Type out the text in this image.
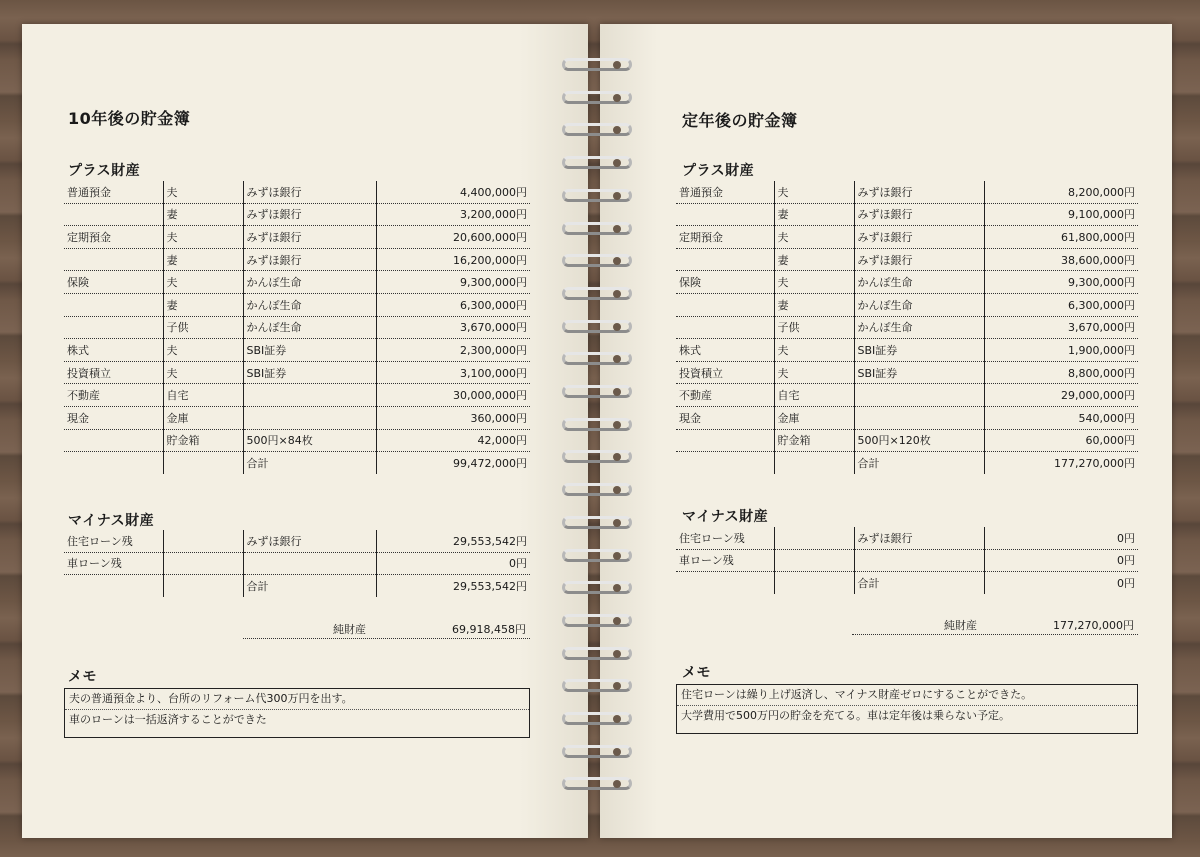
10年後の貯金簿
プラス財産
普通預金	夫	みずほ銀行	4,400,000円
	妻	みずほ銀行	3,200,000円
定期預金	夫	みずほ銀行	20,600,000円
	妻	みずほ銀行	16,200,000円
保険	夫	かんぽ生命	9,300,000円
	妻	かんぽ生命	6,300,000円
	子供	かんぽ生命	3,670,000円
株式	夫	SBI証券	2,300,000円
投資積立	夫	SBI証券	3,100,000円
不動産	自宅		30,000,000円
現金	金庫		360,000円
	貯金箱	500円×84枚	42,000円
		合計	99,472,000円
マイナス財産
住宅ローン残		みずほ銀行	29,553,542円
車ローン残			0円
		合計	29,553,542円
純財産	69,918,458円
メモ
夫の普通預金より、台所のリフォーム代300万円を出す。
車のローンは一括返済することができた
定年後の貯金簿
プラス財産
普通預金	夫	みずほ銀行	8,200,000円
	妻	みずほ銀行	9,100,000円
定期預金	夫	みずほ銀行	61,800,000円
	妻	みずほ銀行	38,600,000円
保険	夫	かんぽ生命	9,300,000円
	妻	かんぽ生命	6,300,000円
	子供	かんぽ生命	3,670,000円
株式	夫	SBI証券	1,900,000円
投資積立	夫	SBI証券	8,800,000円
不動産	自宅		29,000,000円
現金	金庫		540,000円
	貯金箱	500円×120枚	60,000円
		合計	177,270,000円
マイナス財産
住宅ローン残		みずほ銀行	0円
車ローン残			0円
		合計	0円
純財産	177,270,000円
メモ
住宅ローンは繰り上げ返済し、マイナス財産ゼロにすることができた。
大学費用で500万円の貯金を充てる。車は定年後は乗らない予定。
